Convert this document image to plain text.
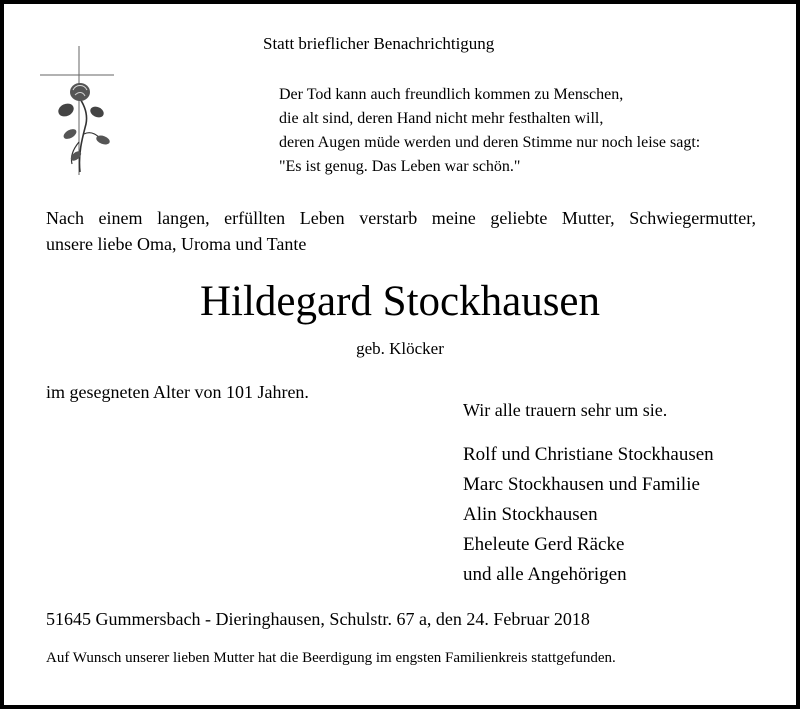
Statt brieflicher Benachrichtigung
Der Tod kann auch freundlich kommen zu Menschen,
die alt sind, deren Hand nicht mehr festhalten will,
deren Augen müde werden und deren Stimme nur noch leise sagt:
"Es ist genug. Das Leben war schön."
Nach einem langen, erfüllten Leben verstarb meine geliebte Mutter, Schwiegermutter,
unsere liebe Oma, Uroma und Tante
Hildegard Stockhausen
geb. Klöcker
im gesegneten Alter von 101 Jahren.
Wir alle trauern sehr um sie.
Rolf und Christiane Stockhausen
Marc Stockhausen und Familie
Alin Stockhausen
Eheleute Gerd Räcke
und alle Angehörigen
51645 Gummersbach - Dieringhausen, Schulstr. 67 a, den 24. Februar 2018
Auf Wunsch unserer lieben Mutter hat die Beerdigung im engsten Familienkreis stattgefunden.
